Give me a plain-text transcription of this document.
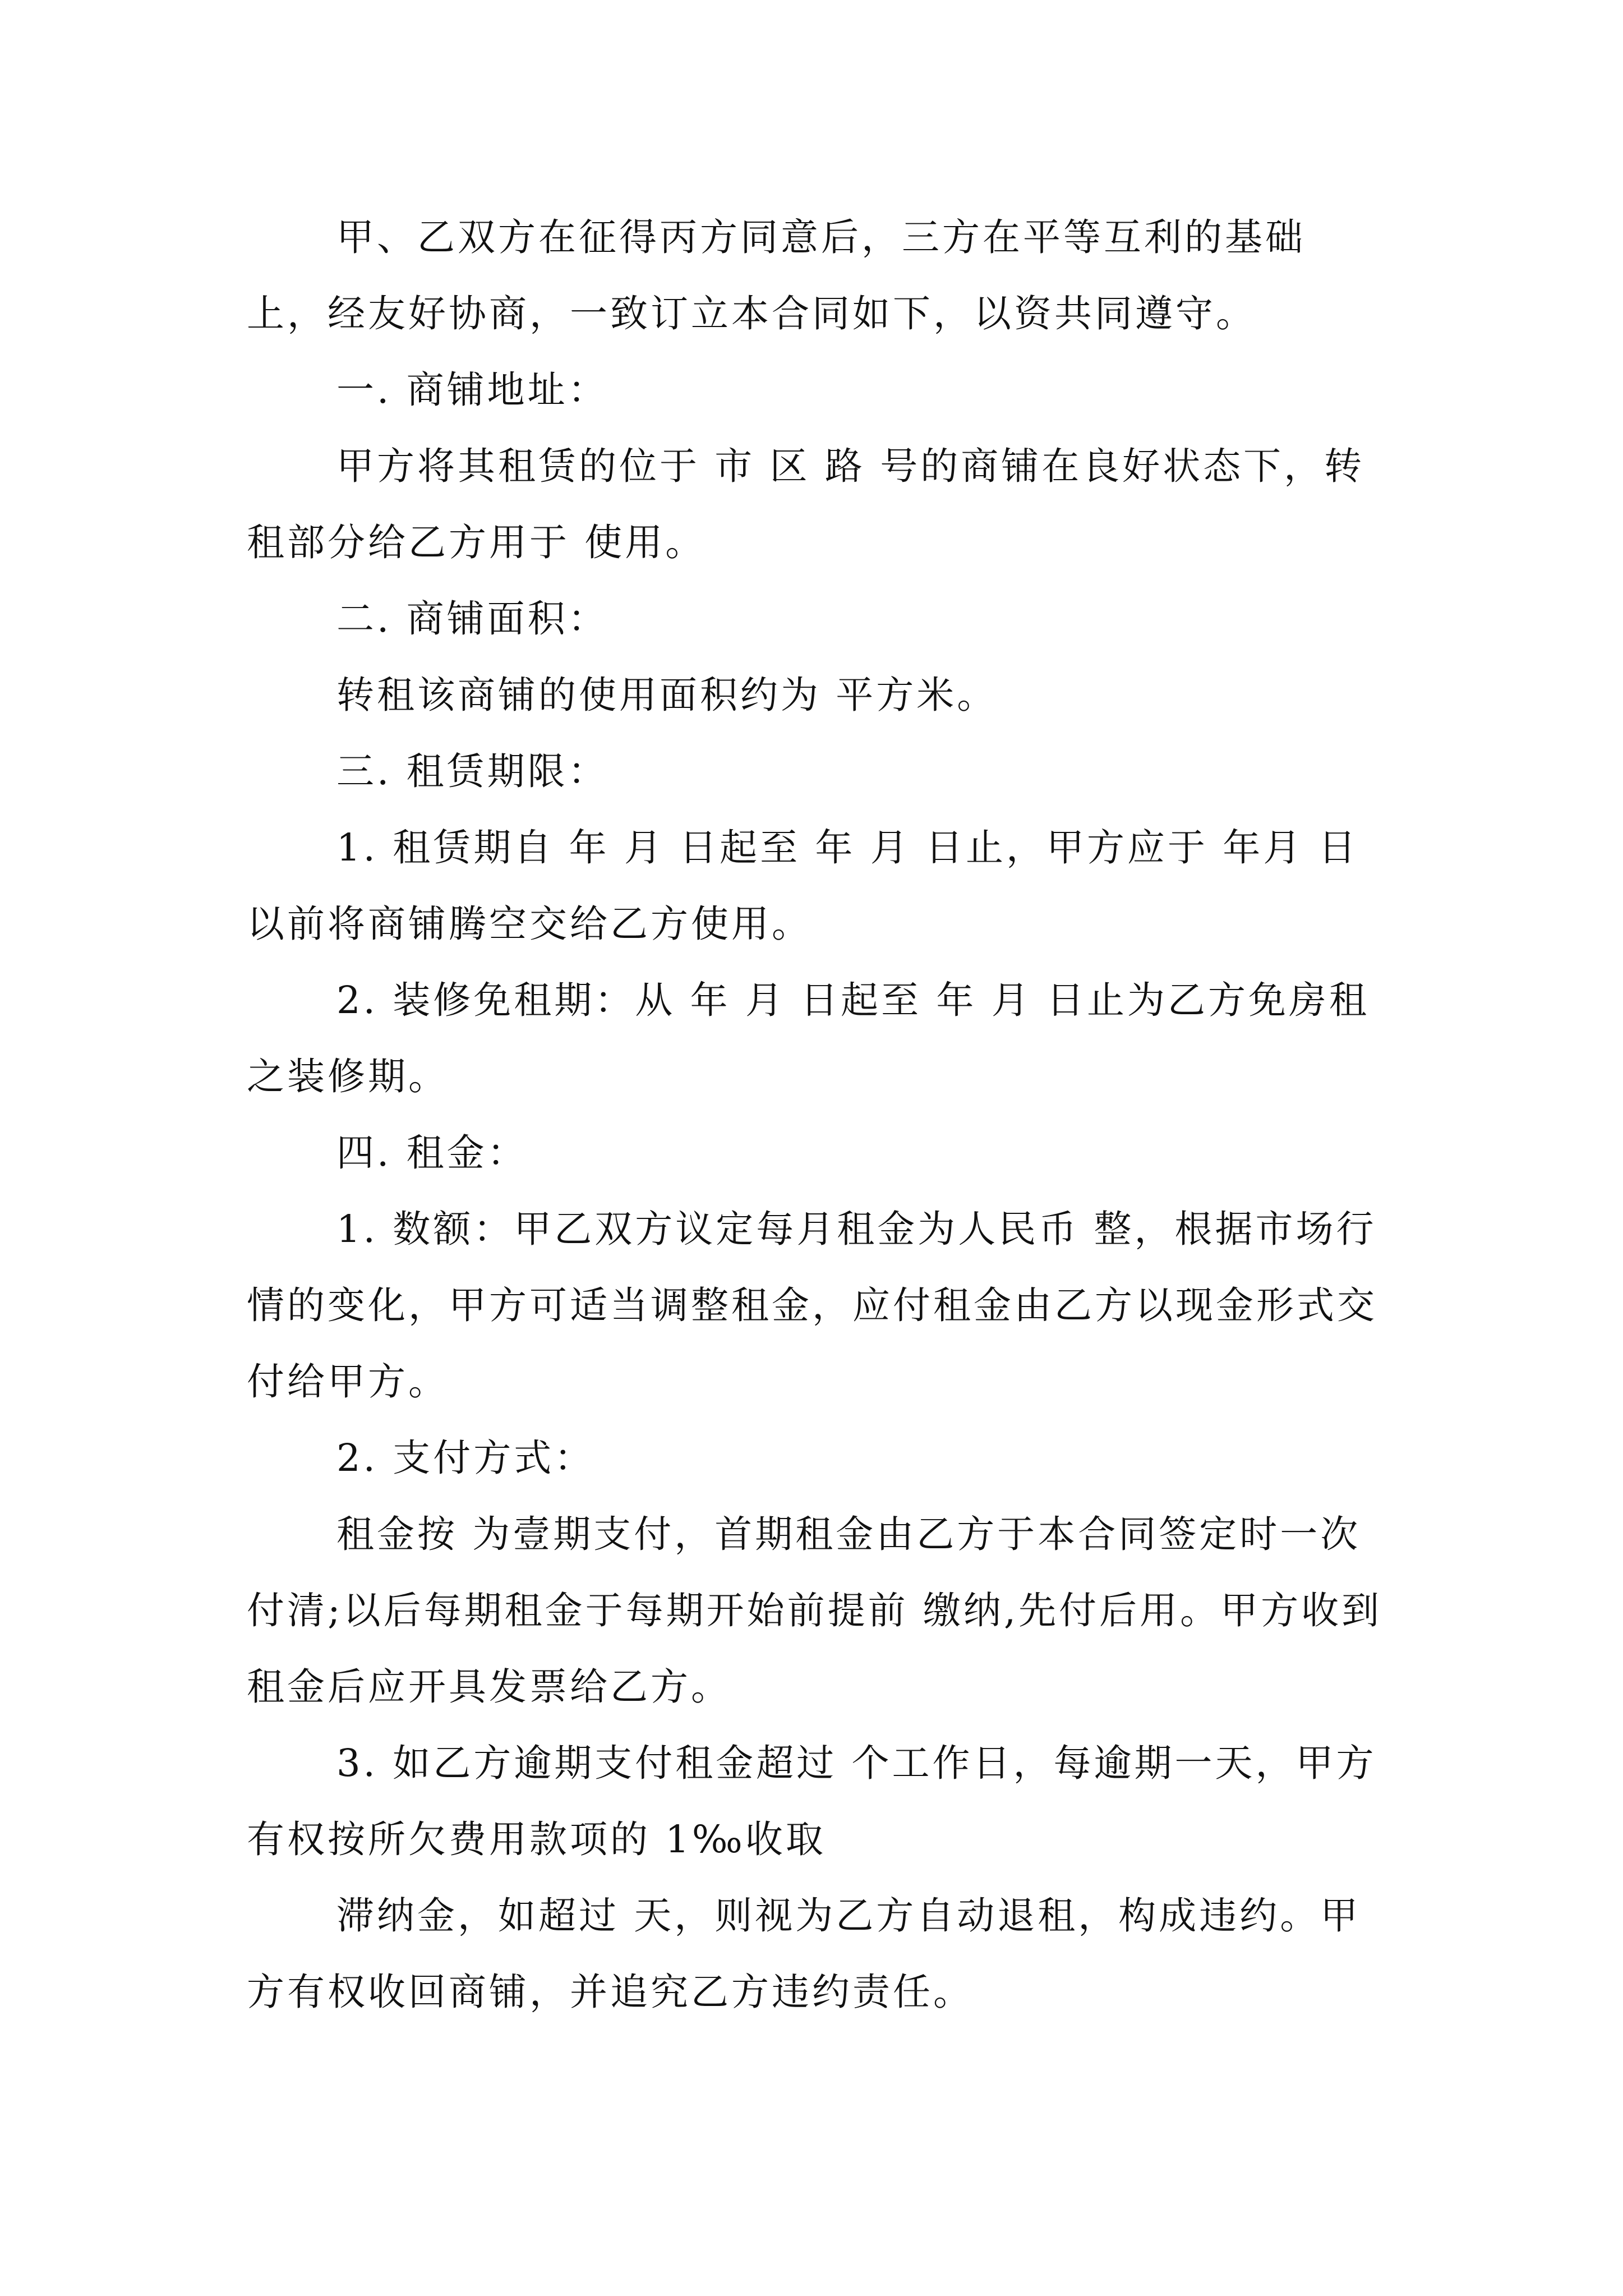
甲、乙双方在征得丙方同意后，三方在平等互利的基础上，经友好协商，一致订立本合同如下，以资共同遵守。

一. 商铺地址：

甲方将其租赁的位于 市 区 路 号的商铺在良好状态下，转租部分给乙方用于 使用。

二. 商铺面积：

转租该商铺的使用面积约为 平方米。

三. 租赁期限：

1. 租赁期自 年 月 日起至 年 月 日止，甲方应于 年月 日以前将商铺腾空交给乙方使用。

2. 装修免租期：从 年 月 日起至 年 月 日止为乙方免房租之装修期。

四. 租金：

1. 数额：甲乙双方议定每月租金为人民币 整，根据市场行情的变化，甲方可适当调整租金，应付租金由乙方以现金形式交付给甲方。

2. 支付方式：

租金按 为壹期支付，首期租金由乙方于本合同签定时一次付清;以后每期租金于每期开始前提前 缴纳,先付后用。甲方收到租金后应开具发票给乙方。

3. 如乙方逾期支付租金超过 个工作日，每逾期一天，甲方有权按所欠费用款项的 1‰收取

滞纳金，如超过 天，则视为乙方自动退租，构成违约。甲方有权收回商铺，并追究乙方违约责任。
